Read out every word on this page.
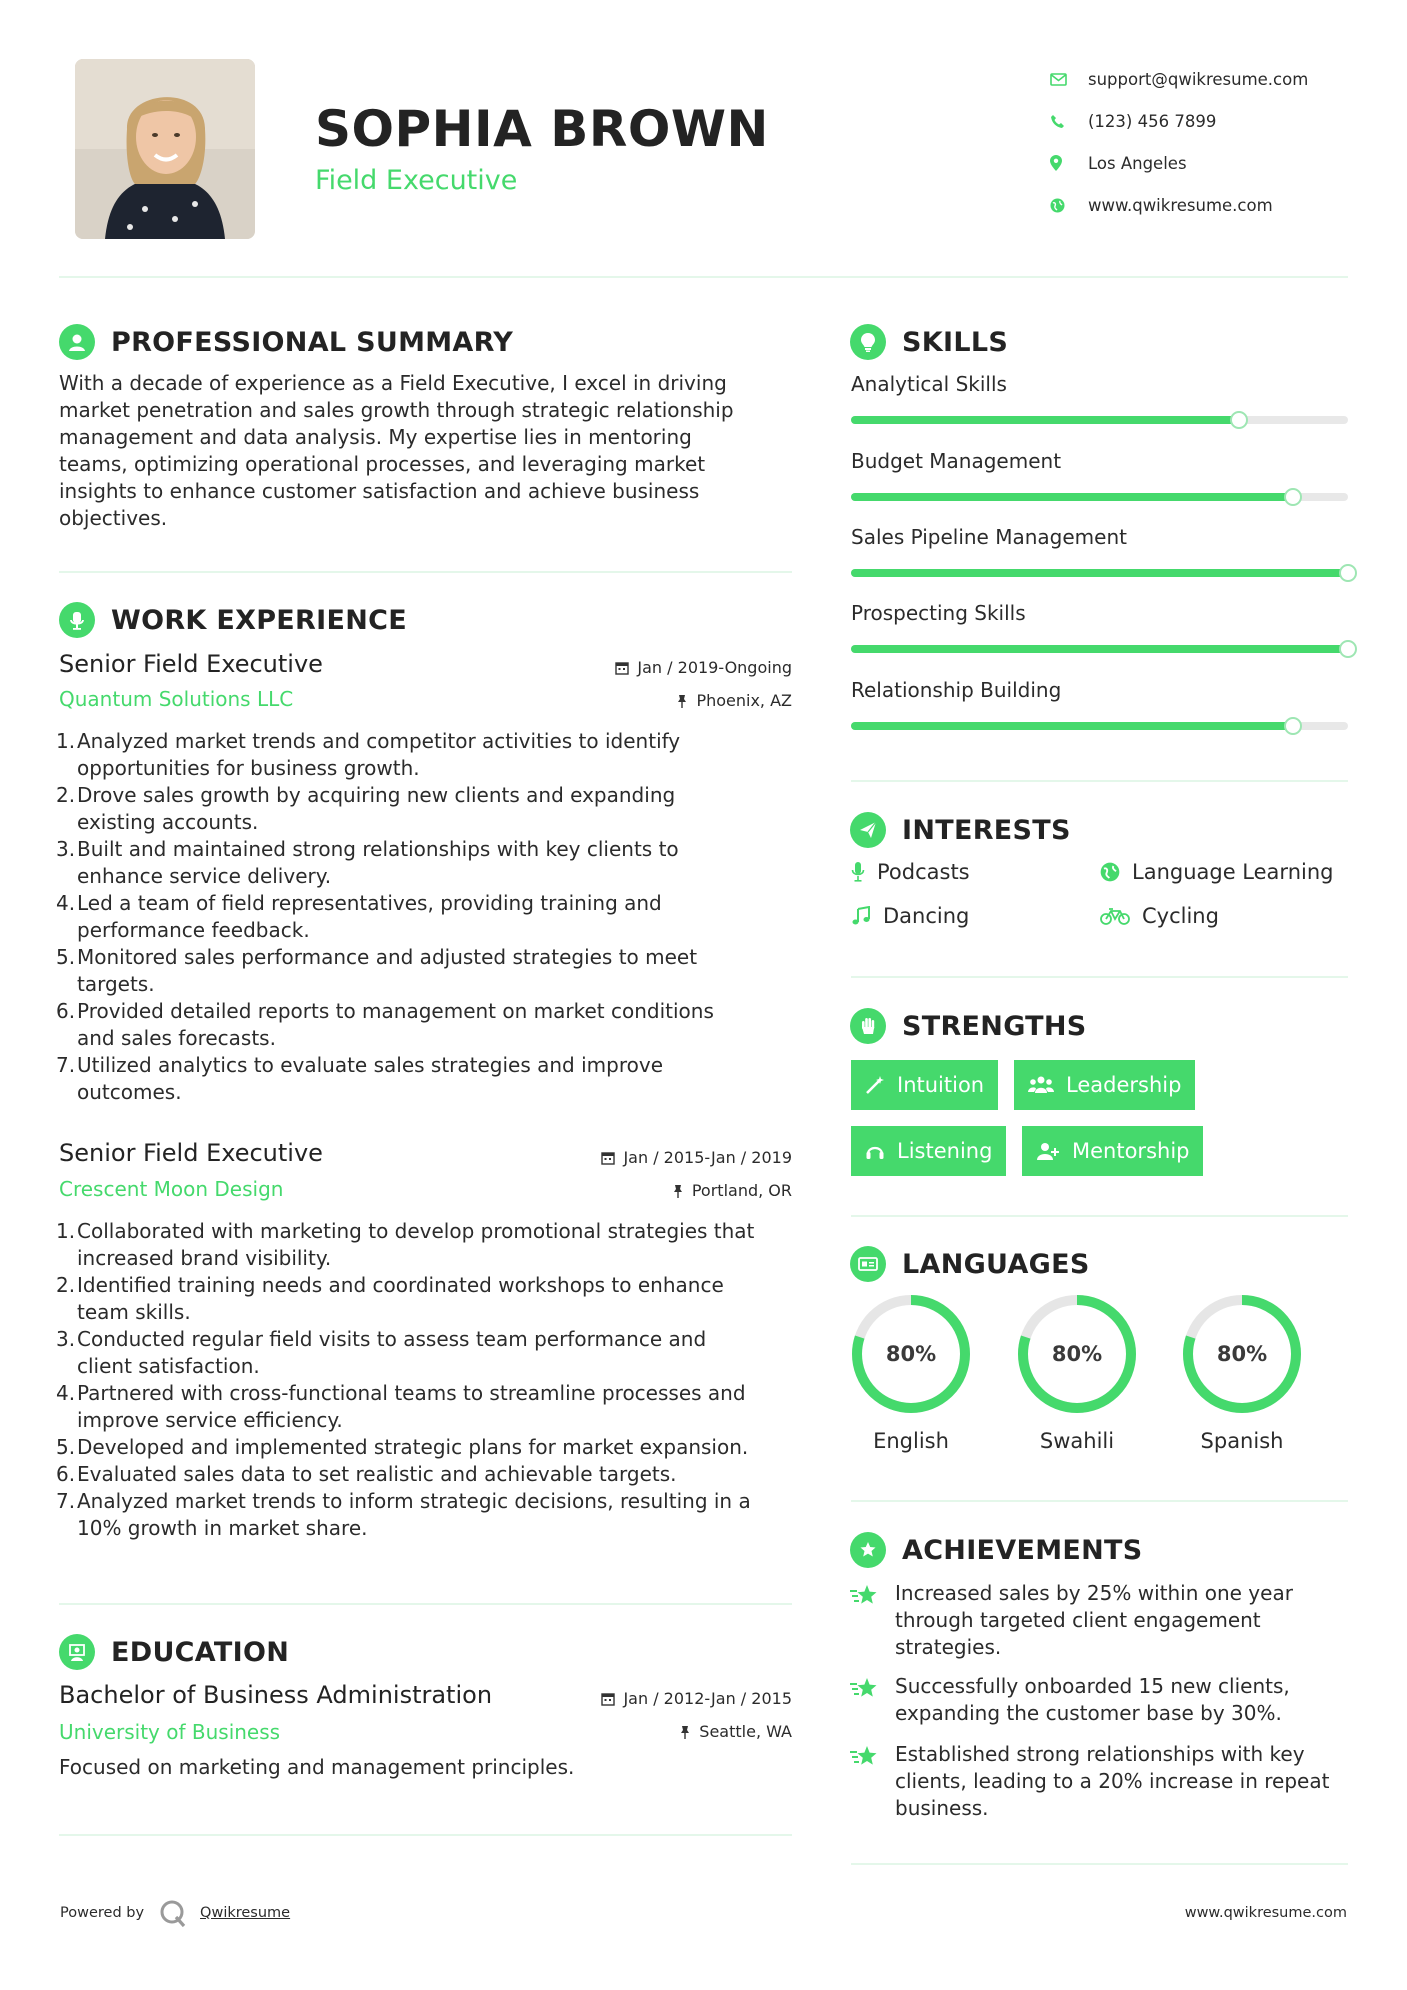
SOPHIA BROWN
Field Executive
support@qwikresume.com
(123) 456 7899
Los Angeles
www.qwikresume.com
PROFESSIONAL SUMMARY
With a decade of experience as a Field Executive, I excel in driving
market penetration and sales growth through strategic relationship
management and data analysis. My expertise lies in mentoring
teams, optimizing operational processes, and leveraging market
insights to enhance customer satisfaction and achieve business
objectives.
WORK EXPERIENCE
Senior Field Executive	Jan / 2019-Ongoing
Quantum Solutions LLC	Phoenix, AZ
1. Analyzed market trends and competitor activities to identify
opportunities for business growth.
2. Drove sales growth by acquiring new clients and expanding
existing accounts.
3. Built and maintained strong relationships with key clients to
enhance service delivery.
4. Led a team of field representatives, providing training and
performance feedback.
5. Monitored sales performance and adjusted strategies to meet
targets.
6. Provided detailed reports to management on market conditions
and sales forecasts.
7. Utilized analytics to evaluate sales strategies and improve
outcomes.
Senior Field Executive	Jan / 2015-Jan / 2019
Crescent Moon Design	Portland, OR
1. Collaborated with marketing to develop promotional strategies that
increased brand visibility.
2. Identified training needs and coordinated workshops to enhance
team skills.
3. Conducted regular field visits to assess team performance and
client satisfaction.
4. Partnered with cross-functional teams to streamline processes and
improve service efficiency.
5. Developed and implemented strategic plans for market expansion.
6. Evaluated sales data to set realistic and achievable targets.
7. Analyzed market trends to inform strategic decisions, resulting in a
10% growth in market share.
EDUCATION
Bachelor of Business Administration	Jan / 2012-Jan / 2015
University of Business	Seattle, WA
Focused on marketing and management principles.
SKILLS
Analytical Skills
Budget Management
Sales Pipeline Management
Prospecting Skills
Relationship Building
INTERESTS
Podcasts	Language Learning
Dancing	Cycling
STRENGTHS
Intuition	Leadership
Listening	Mentorship
LANGUAGES
80%
English
80%
Swahili
80%
Spanish
ACHIEVEMENTS
Increased sales by 25% within one year
through targeted client engagement
strategies.
Successfully onboarded 15 new clients,
expanding the customer base by 30%.
Established strong relationships with key
clients, leading to a 20% increase in repeat
business.
Powered by	Qwikresume	www.qwikresume.com
